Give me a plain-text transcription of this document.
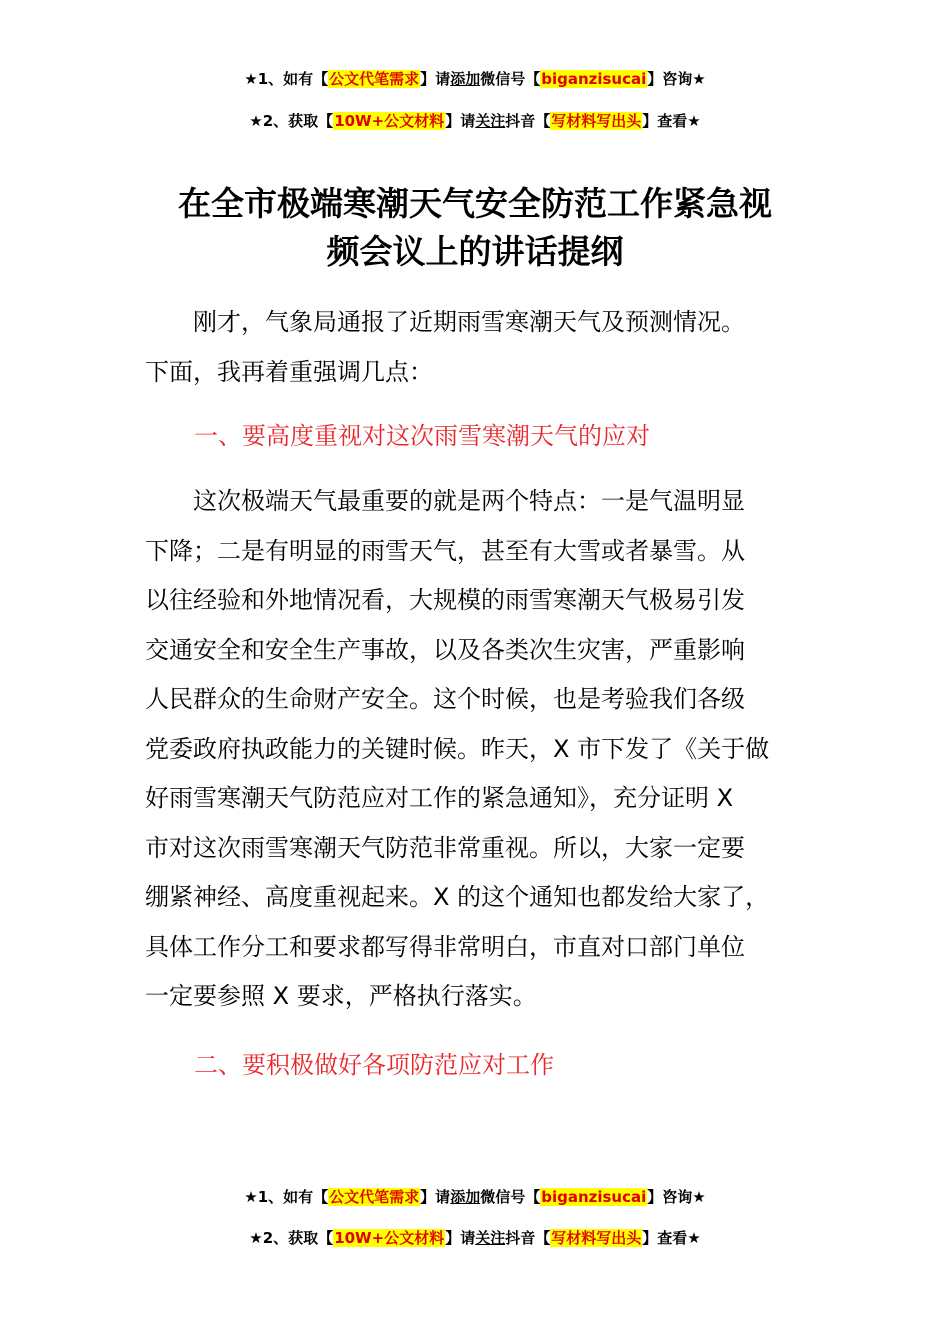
★1、如有【公文代笔需求】请添加微信号【biganzisucai】咨询★
★2、获取【10W+公文材料】请关注抖音【写材料写出头】查看★
在全市极端寒潮天气安全防范工作紧急视
频会议上的讲话提纲
　　刚才，气象局通报了近期雨雪寒潮天气及预测情况。
下面，我再着重强调几点：
一、要高度重视对这次雨雪寒潮天气的应对
　　这次极端天气最重要的就是两个特点：一是气温明显
下降；二是有明显的雨雪天气，甚至有大雪或者暴雪。从
以往经验和外地情况看，大规模的雨雪寒潮天气极易引发
交通安全和安全生产事故，以及各类次生灾害，严重影响
人民群众的生命财产安全。这个时候，也是考验我们各级
党委政府执政能力的关键时候。昨天，X 市下发了《关于做
好雨雪寒潮天气防范应对工作的紧急通知》，充分证明 X
市对这次雨雪寒潮天气防范非常重视。所以，大家一定要
绷紧神经、高度重视起来。X 的这个通知也都发给大家了，
具体工作分工和要求都写得非常明白，市直对口部门单位
一定要参照 X 要求，严格执行落实。
二、要积极做好各项防范应对工作
★1、如有【公文代笔需求】请添加微信号【biganzisucai】咨询★
★2、获取【10W+公文材料】请关注抖音【写材料写出头】查看★
